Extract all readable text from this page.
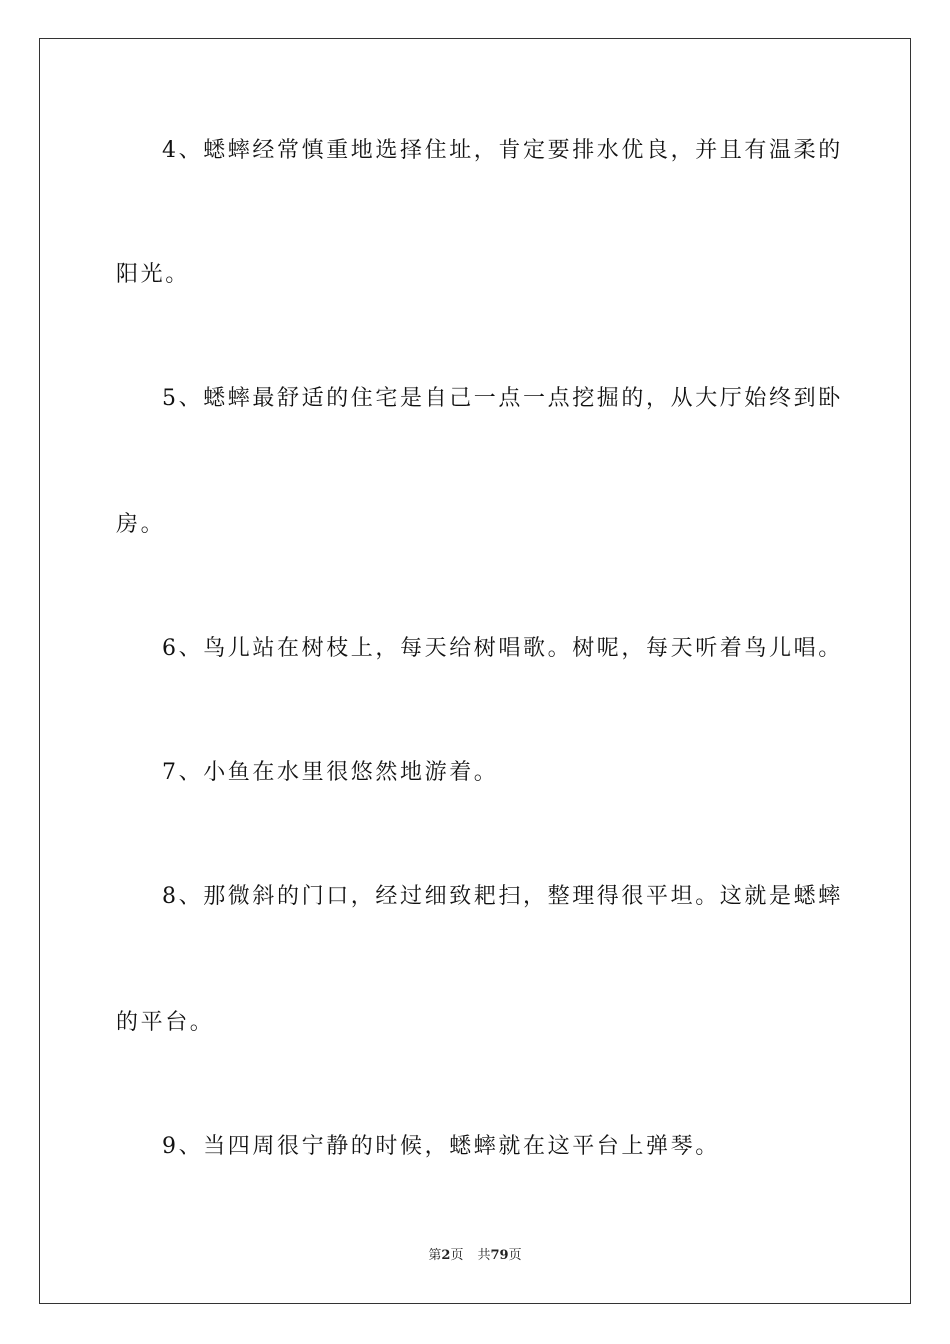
4、蟋蟀经常慎重地选择住址，肯定要排水优良，并且有温柔的
阳光。
5、蟋蟀最舒适的住宅是自己一点一点挖掘的，从大厅始终到卧
房。
6、鸟儿站在树枝上，每天给树唱歌。树呢，每天听着鸟儿唱。
7、小鱼在水里很悠然地游着。
8、那微斜的门口，经过细致耙扫，整理得很平坦。这就是蟋蟀
的平台。
9、当四周很宁静的时候，蟋蟀就在这平台上弹琴。
第2页 共79页
